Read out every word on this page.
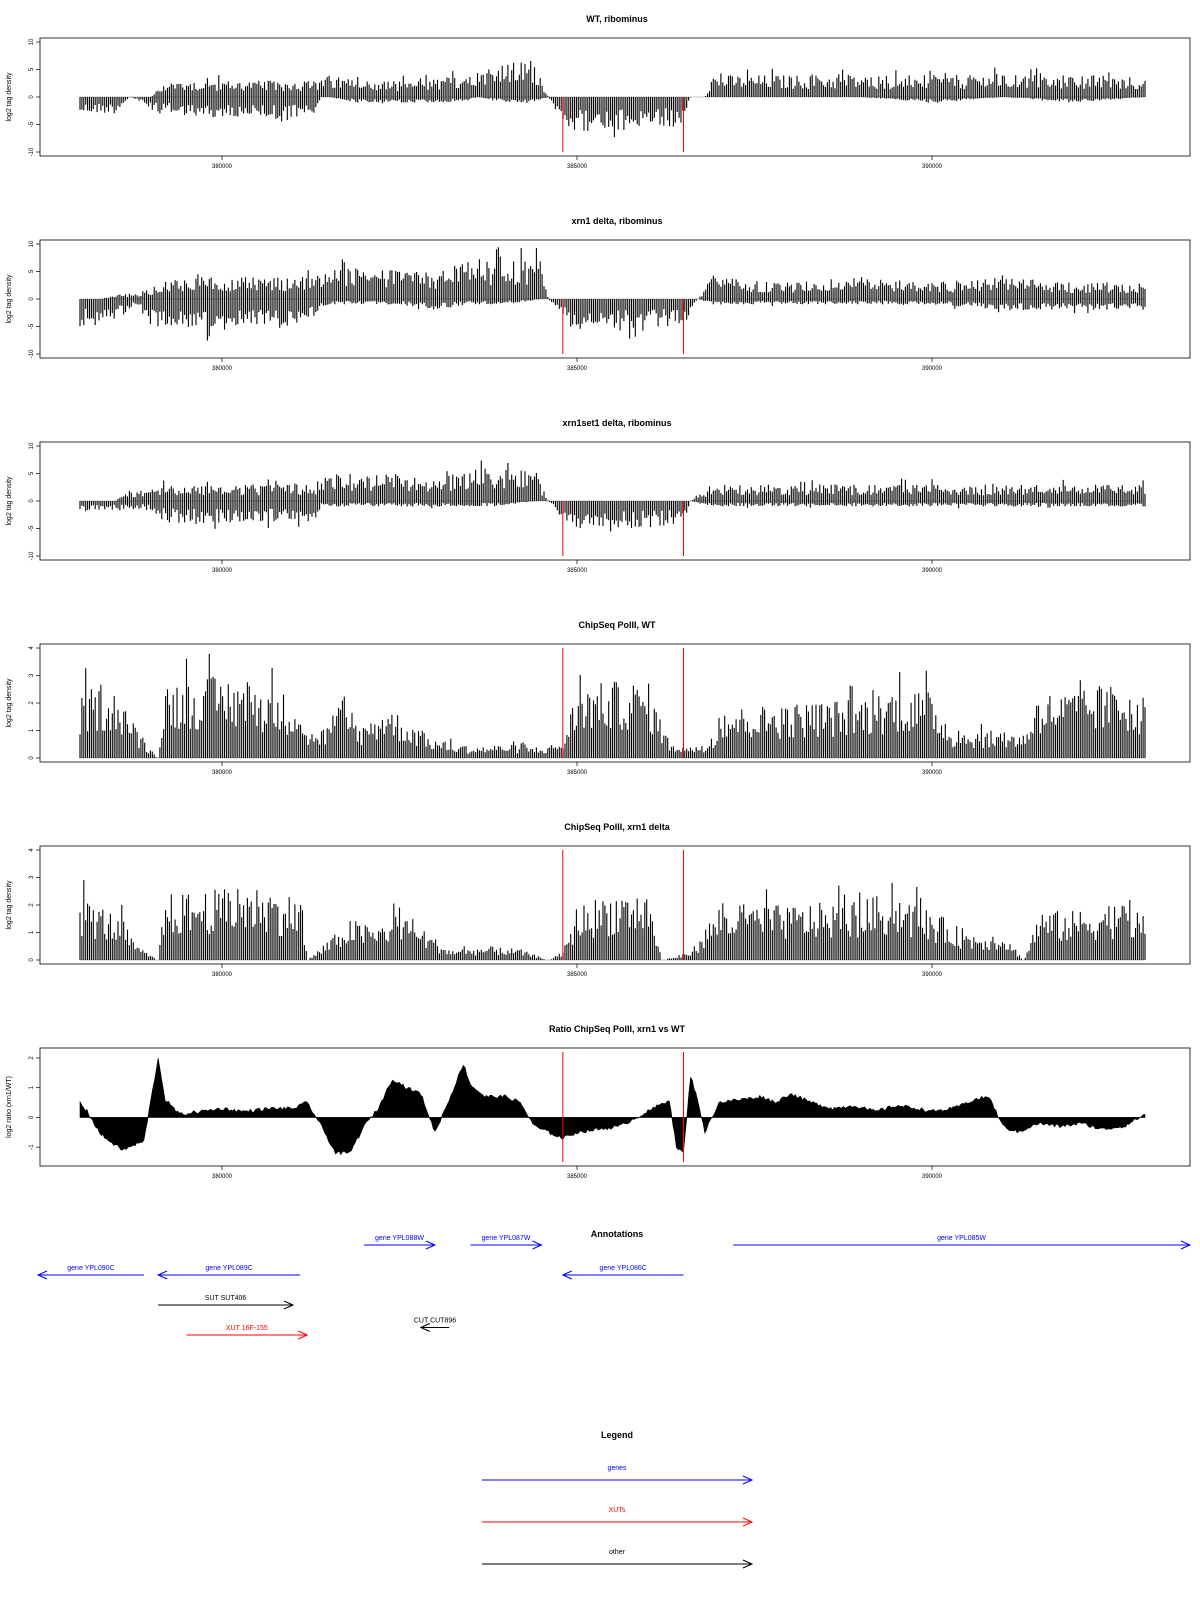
WT, ribominus
log2 tag density
10
5
0
-5
-10
380000	385000	390000
xrn1 delta, ribominus
log2 tag density
10
5
0
-5
-10
380000	385000	390000
xrn1set1 delta, ribominus
log2 tag density
10
5
0
-5
-10
380000	385000	390000
ChipSeq PolII, WT
log2 tag density
4
3
2
1
0
380000	385000	390000
ChipSeq PolII, xrn1 delta
log2 tag density
4
3
2
1
0
380000	385000	390000
Ratio ChipSeq PolII, xrn1 vs WT
log2 ratio (xrn1/WT)
2
1
0
-1
380000	385000	390000
Annotations
gene YPL090C	gene YPL089C
gene YPL088W	gene YPL087W
gene YPL086C
gene YPL085W
SUT SUT406
XUT 16F-155
CUT CUT896
Legend
genes
XUTs
other
